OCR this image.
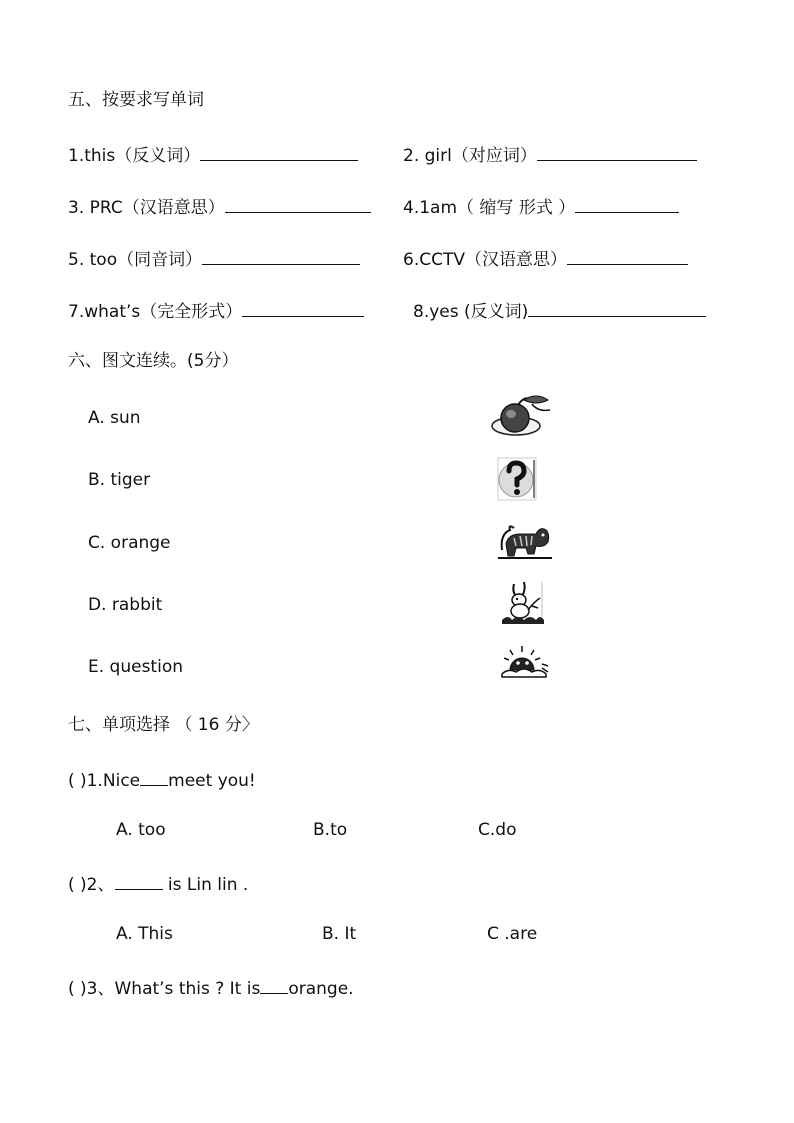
五、按要求写单词
1.this（反义词）	2. girl（对应词）
3. PRC（汉语意思）	4.1am（ 缩写 形式 ）
5. too（同音词）	6.CCTV（汉语意思）
7.what’s（完全形式）	8.yes (反义词)
六、图文连续。(5分）
A. sun
B. tiger
C. orange
D. rabbit
E. question
七、单项选择 （ 16 分〉
( )1.Nice meet you!
A. too	B.to	C.do
( )2、	is Lin lin .
A. This	B. It	C .are
( )3、What’s this ? It is orange.
